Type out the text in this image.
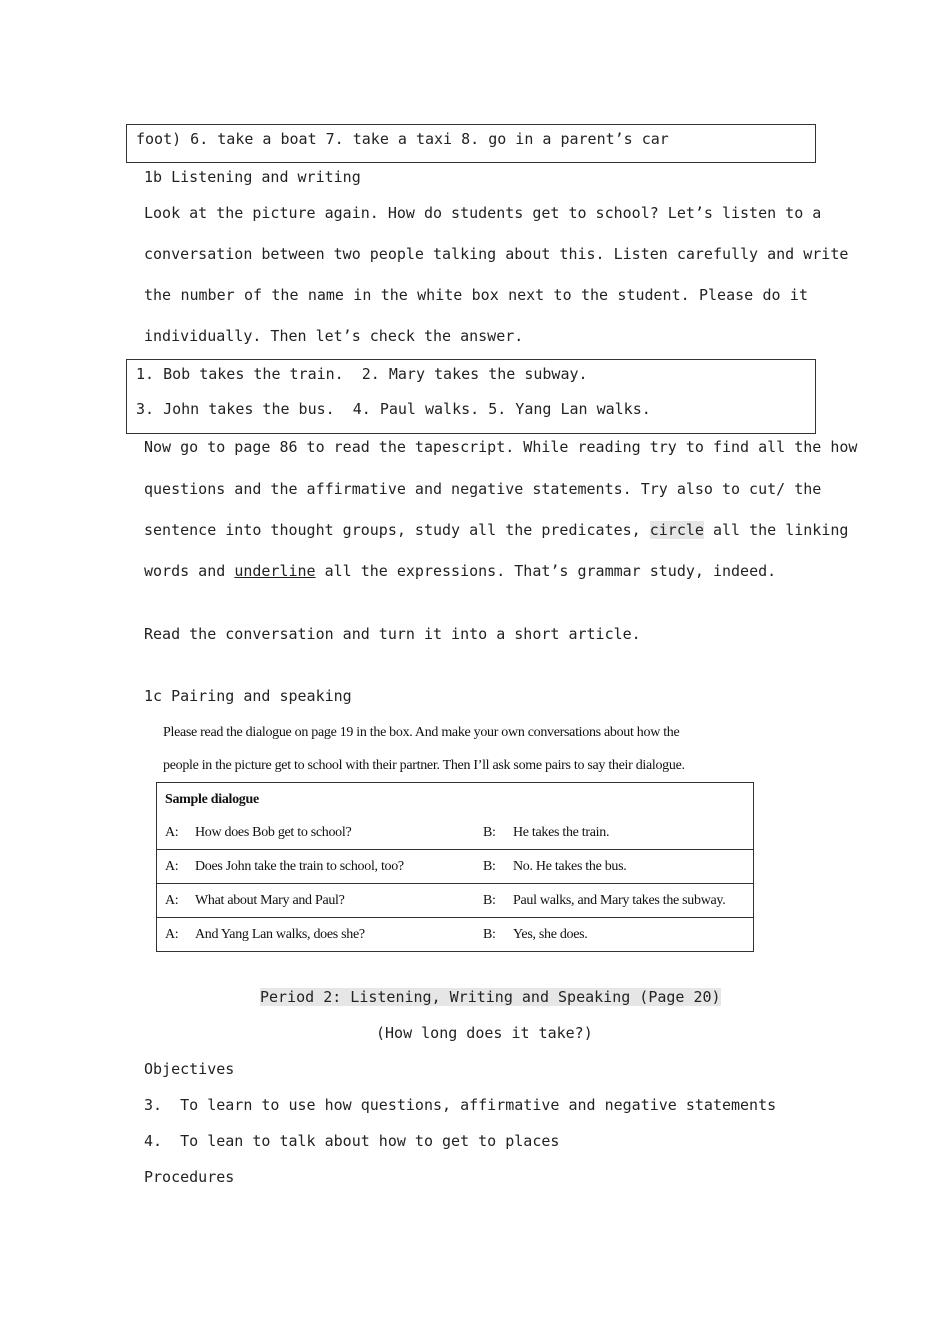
foot) 6. take a boat 7. take a taxi 8. go in a parent’s car
1b Listening and writing
Look at the picture again. How do students get to school? Let’s listen to a
conversation between two people talking about this. Listen carefully and write
the number of the name in the white box next to the student. Please do it
individually. Then let’s check the answer.
1. Bob takes the train.  2. Mary takes the subway.
3. John takes the bus.  4. Paul walks. 5. Yang Lan walks.
Now go to page 86 to read the tapescript. While reading try to find all the how
questions and the affirmative and negative statements. Try also to cut/ the
sentence into thought groups, study all the predicates, circle all the linking
words and underline all the expressions. That’s grammar study, indeed.
Read the conversation and turn it into a short article.
1c Pairing and speaking
Please read the dialogue on page 19 in the box. And make your own conversations about how the
people in the picture get to school with their partner. Then I’ll ask some pairs to say their dialogue.
Sample dialogue			
A:	How does Bob get to school?	B:	He takes the train.
A:	Does John take the train to school, too?	B:	No. He takes the bus.
A:	What about Mary and Paul?	B:	Paul walks, and Mary takes the subway.
A:	And Yang Lan walks, does she?	B:	Yes, she does.
Period 2: Listening, Writing and Speaking (Page 20)
(How long does it take?)
Objectives
3.  To learn to use how questions, affirmative and negative statements
4.  To lean to talk about how to get to places
Procedures
